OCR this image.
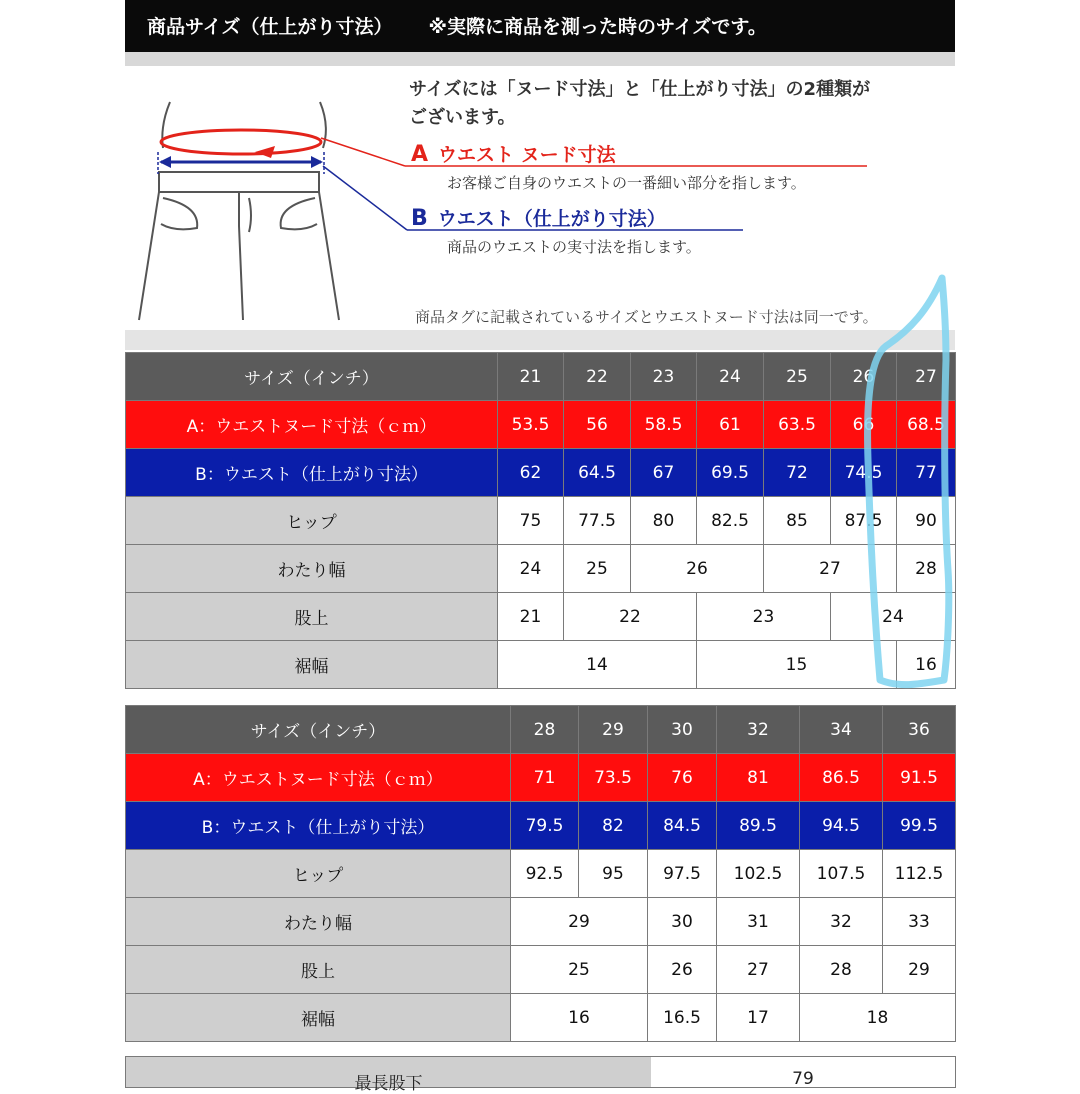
商品サイズ（仕上がり寸法） ※実際に商品を測った時のサイズです。
サイズには「ヌード寸法」と「仕上がり寸法」の2種類が
ございます。
A ウエスト ヌード寸法
お客様ご自身のウエストの一番細い部分を指します。
B ウエスト（仕上がり寸法）
商品のウエストの実寸法を指します。
商品タグに記載されているサイズとウエストヌード寸法は同一です。
サイズ（インチ）	21	22	23	24	25	26	27
A：ウエストヌード寸法（ｃｍ）	53.5	56	58.5	61	63.5	66	68.5
B：ウエスト（仕上がり寸法）	62	64.5	67	69.5	72	74.5	77
ヒップ	75	77.5	80	82.5	85	87.5	90
わたり幅	24	25	26		27		28
股上	21	22		23		24	
裾幅	14			15			16
サイズ（インチ）	28	29	30	32	34	36
A：ウエストヌード寸法（ｃｍ）	71	73.5	76	81	86.5	91.5
B：ウエスト（仕上がり寸法）	79.5	82	84.5	89.5	94.5	99.5
ヒップ	92.5	95	97.5	102.5	107.5	112.5
わたり幅	29		30	31	32	33
股上	25		26	27	28	29
裾幅	16		16.5	17	18	
最長股下	79
